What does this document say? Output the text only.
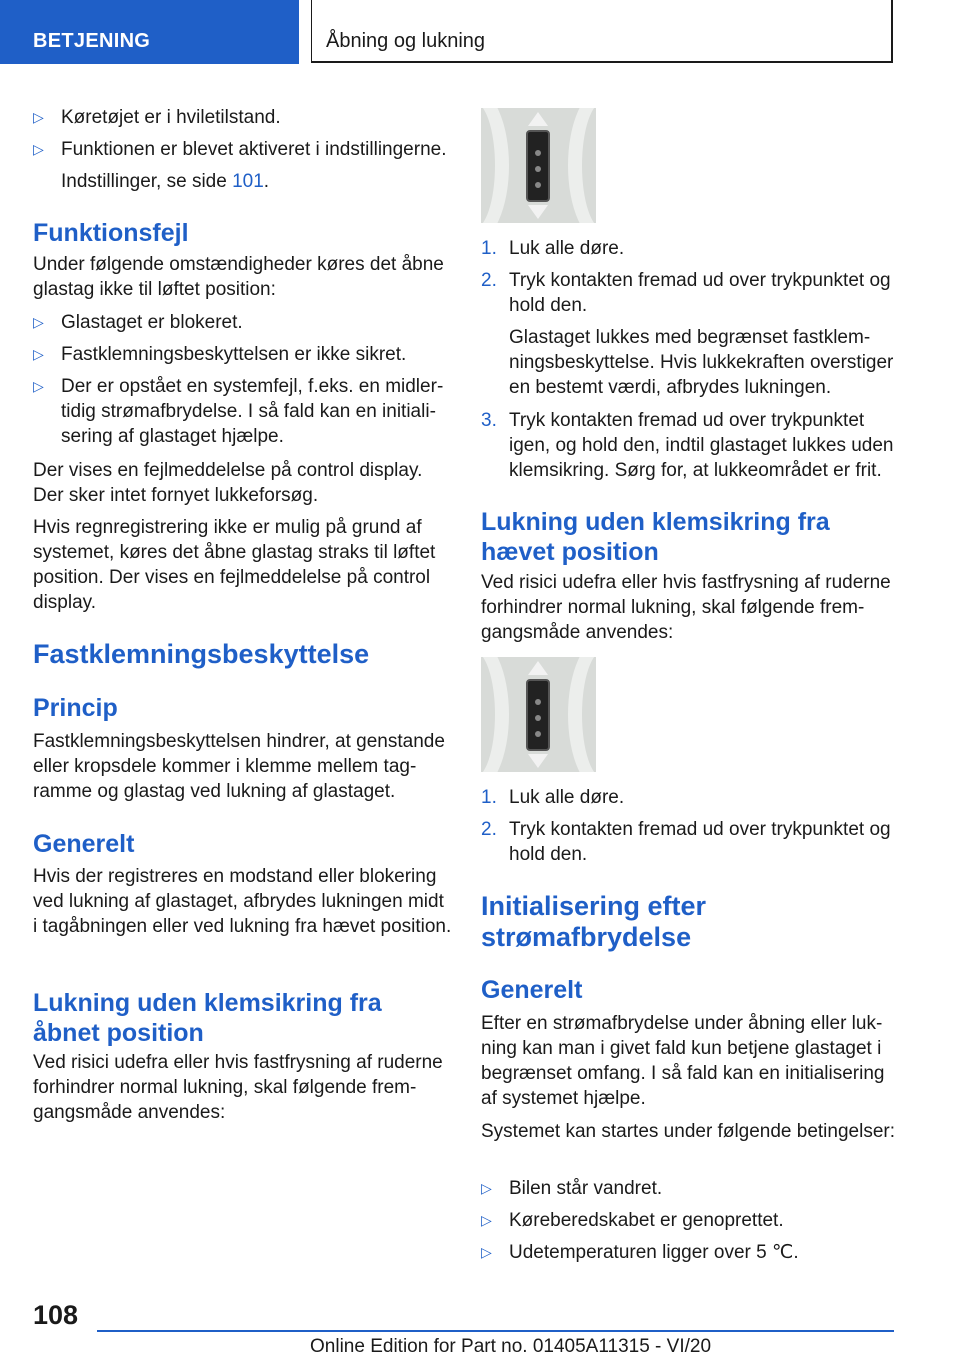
BETJENING	Åbning og lukning
▷ Køretøjet er i hviletilstand.
▷ Funktionen er blevet aktiveret i indstillingerne.

Indstillinger, se side 101.

Funktionsfejl

Under følgende omstændigheder køres det åbne glastag ikke til løftet position:

▷ Glastaget er blokeret.
▷ Fastklemningsbeskyttelsen er ikke sikret.
▷ Der er opstået en systemfejl, f.eks. en midlertidig strømafbrydelse. I så fald kan en initialisering af glastaget hjælpe.

Der vises en fejlmeddelelse på control display. Der sker intet fornyet lukkeforsøg.

Hvis regnregistrering ikke er mulig på grund af systemet, køres det åbne glastag straks til løftet position. Der vises en fejlmeddelelse på control display.

Fastklemningsbeskyttelse
Princip

Fastklemningsbeskyttelsen hindrer, at genstande eller kropsdele kommer i klemme mellem tagramme og glastag ved lukning af glastaget.

Generelt

Hvis der registreres en modstand eller blokering ved lukning af glastaget, afbrydes lukningen midt i tagåbningen eller ved lukning fra hævet position.

Lukning uden klemsikring fra åbnet position

Ved risici udefra eller hvis fastfrysning af ruderne forhindrer normal lukning, skal følgende fremgangsmåde anvendes:

1. Luk alle døre.
2. Tryk kontakten fremad ud over trykpunktet og hold den.

Glastaget lukkes med begrænset fastklemningsbeskyttelse. Hvis lukkekraften overstiger en bestemt værdi, afbrydes lukningen.

3. Tryk kontakten fremad ud over trykpunktet igen, og hold den, indtil glastaget lukkes uden klemsikring. Sørg for, at lukkeområdet er frit.
Lukning uden klemsikring fra hævet position

Ved risici udefra eller hvis fastfrysning af ruderne forhindrer normal lukning, skal følgende fremgangsmåde anvendes:

1. Luk alle døre.
2. Tryk kontakten fremad ud over trykpunktet og hold den.
Initialisering efter strømafbrydelse
Generelt

Efter en strømafbrydelse under åbning eller lukning kan man i givet fald kun betjene glastaget i begrænset omfang. I så fald kan en initialisering af systemet hjælpe.

Systemet kan startes under følgende betingelser:

▷ Bilen står vandret.
▷ Køreberedskabet er genoprettet.
▷ Udetemperaturen ligger over 5 ℃.
108
Online Edition for Part no. 01405A11315 - VI/20
